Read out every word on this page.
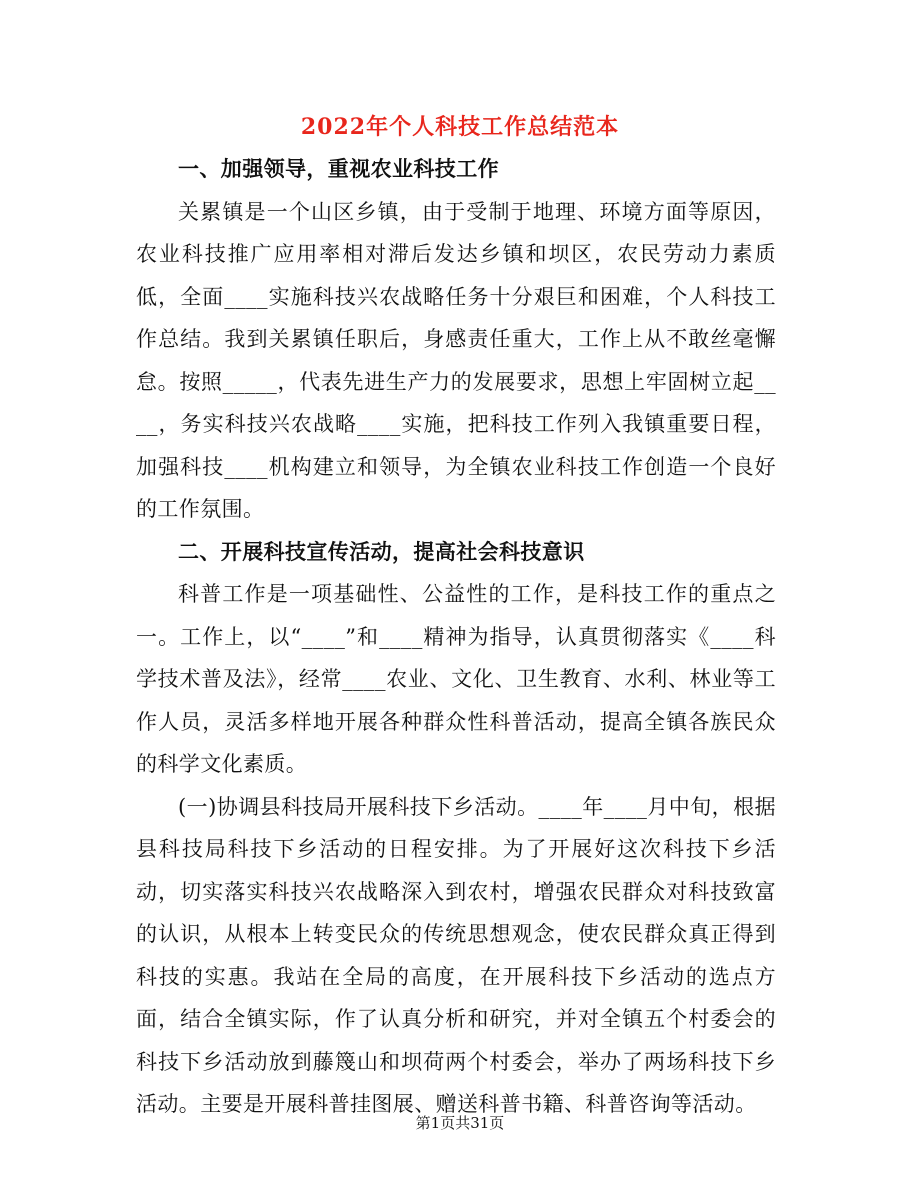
2022年个人科技工作总结范本

一、加强领导，重视农业科技工作

关累镇是一个山区乡镇，由于受制于地理、环境方面等原因，农业科技推广应用率相对滞后发达乡镇和坝区，农民劳动力素质低，全面____实施科技兴农战略任务十分艰巨和困难，个人科技工作总结。我到关累镇任职后，身感责任重大，工作上从不敢丝毫懈怠。按照_____，代表先进生产力的发展要求，思想上牢固树立起____，务实科技兴农战略____实施，把科技工作列入我镇重要日程，加强科技____机构建立和领导，为全镇农业科技工作创造一个良好的工作氛围。

二、开展科技宣传活动，提高社会科技意识

科普工作是一项基础性、公益性的工作，是科技工作的重点之一。工作上，以“____”和____精神为指导，认真贯彻落实《____科学技术普及法》，经常____农业、文化、卫生教育、水利、林业等工作人员，灵活多样地开展各种群众性科普活动，提高全镇各族民众的科学文化素质。

(一)协调县科技局开展科技下乡活动。____年____月中旬，根据县科技局科技下乡活动的日程安排。为了开展好这次科技下乡活动，切实落实科技兴农战略深入到农村，增强农民群众对科技致富的认识，从根本上转变民众的传统思想观念，使农民群众真正得到科技的实惠。我站在全局的高度，在开展科技下乡活动的选点方面，结合全镇实际，作了认真分析和研究，并对全镇五个村委会的科技下乡活动放到藤篾山和坝荷两个村委会，举办了两场科技下乡活动。主要是开展科普挂图展、赠送科普书籍、科普咨询等活动。

第1页共31页
